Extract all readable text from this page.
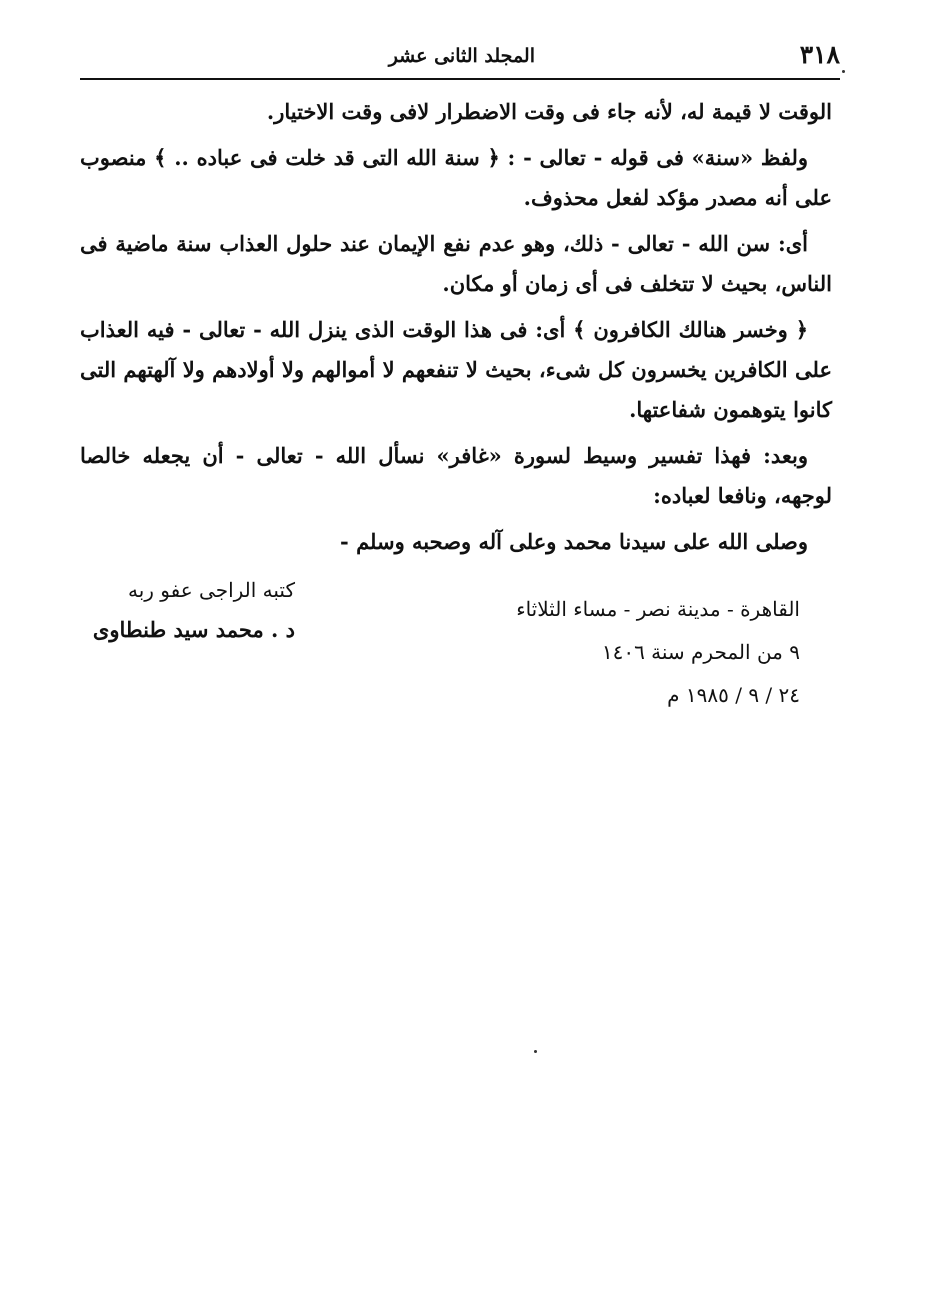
٣١٨
المجلد الثانى عشر

الوقت لا قيمة له، لأنه جاء فى وقت الاضطرار لافى وقت الاختيار.

ولفظ «سنة» فى قوله - تعالى - : ﴿ سنة الله التى قد خلت فى عباده .. ﴾ منصوب على أنه مصدر مؤكد لفعل محذوف.

أى: سن الله - تعالى - ذلك، وهو عدم نفع الإيمان عند حلول العذاب سنة ماضية فى الناس، بحيث لا تتخلف فى أى زمان أو مكان.

﴿ وخسر هنالك الكافرون ﴾ أى: فى هذا الوقت الذى ينزل الله - تعالى - فيه العذاب على الكافرين يخسرون كل شىء، بحيث لا تنفعهم لا أموالهم ولا أولادهم ولا آلهتهم التى كانوا يتوهمون شفاعتها.

وبعد: فهذا تفسير وسيط لسورة «غافر» نسأل الله - تعالى - أن يجعله خالصا لوجهه، ونافعا لعباده:

وصلى الله على سيدنا محمد وعلى آله وصحبه وسلم -

كتبه الراجى عفو ربه
د . محمد سيد طنطاوى
القاهرة - مدينة نصر - مساء الثلاثاء
٩ من المحرم سنة ١٤٠٦
٢٤ / ٩ / ١٩٨٥ م
